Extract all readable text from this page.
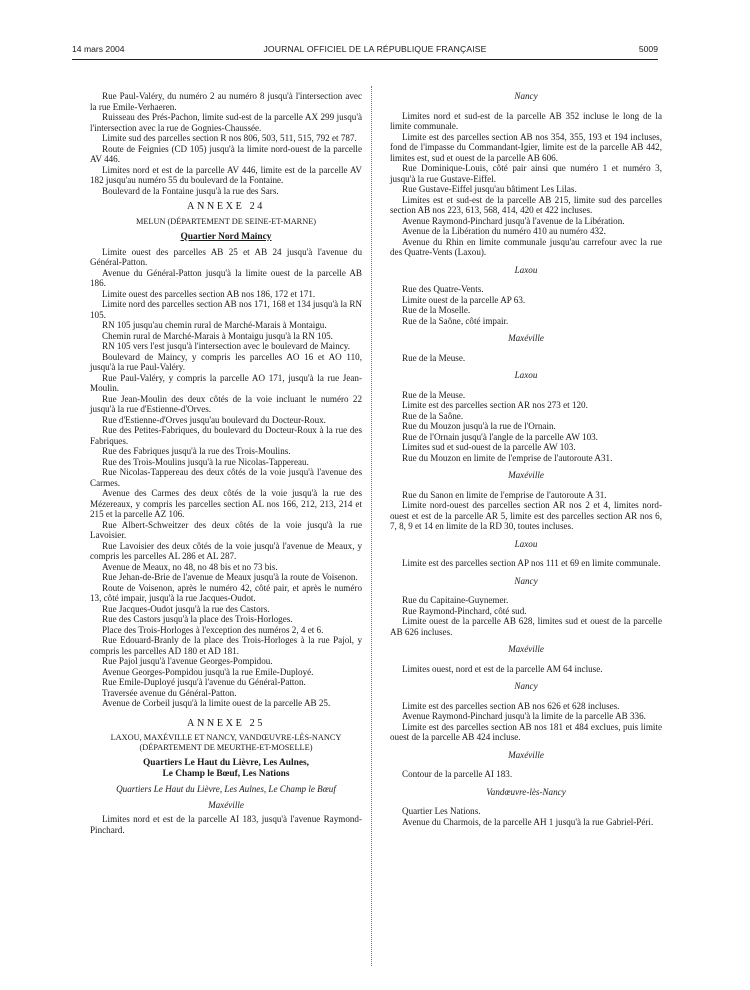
14 mars 2004	JOURNAL OFFICIEL DE LA RÉPUBLIQUE FRANÇAISE	5009

Rue Paul-Valéry, du numéro 2 au numéro 8 jusqu'à l'intersection avec la rue Emile-Verhaeren.

Ruisseau des Prés-Pachon, limite sud-est de la parcelle AX 299 jusqu'à l'intersection avec la rue de Gognies-Chaussée.

Limite sud des parcelles section R nos 806, 503, 511, 515, 792 et 787.

Route de Feignies (CD 105) jusqu'à la limite nord-ouest de la parcelle AV 446.

Limites nord et est de la parcelle AV 446, limite est de la parcelle AV 182 jusqu'au numéro 55 du boulevard de la Fontaine.

Boulevard de la Fontaine jusqu'à la rue des Sars.

ANNEXE 24

MELUN (DÉPARTEMENT DE SEINE-ET-MARNE)

Quartier Nord Maincy

Limite ouest des parcelles AB 25 et AB 24 jusqu'à l'avenue du Général-Patton.

Avenue du Général-Patton jusqu'à la limite ouest de la parcelle AB 186.

Limite ouest des parcelles section AB nos 186, 172 et 171.

Limite nord des parcelles section AB nos 171, 168 et 134 jusqu'à la RN 105.

RN 105 jusqu'au chemin rural de Marché-Marais à Montaigu.

Chemin rural de Marché-Marais à Montaigu jusqu'à la RN 105.

RN 105 vers l'est jusqu'à l'intersection avec le boulevard de Maincy.

Boulevard de Maincy, y compris les parcelles AO 16 et AO 110, jusqu'à la rue Paul-Valéry.

Rue Paul-Valéry, y compris la parcelle AO 171, jusqu'à la rue Jean-Moulin.

Rue Jean-Moulin des deux côtés de la voie incluant le numéro 22 jusqu'à la rue d'Estienne-d'Orves.

Rue d'Estienne-d'Orves jusqu'au boulevard du Docteur-Roux.

Rue des Petites-Fabriques, du boulevard du Docteur-Roux à la rue des Fabriques.

Rue des Fabriques jusqu'à la rue des Trois-Moulins.

Rue des Trois-Moulins jusqu'à la rue Nicolas-Tappereau.

Rue Nicolas-Tappereau des deux côtés de la voie jusqu'à l'avenue des Carmes.

Avenue des Carmes des deux côtés de la voie jusqu'à la rue des Mézereaux, y compris les parcelles section AL nos 166, 212, 213, 214 et 215 et la parcelle AZ 106.

Rue Albert-Schweitzer des deux côtés de la voie jusqu'à la rue Lavoisier.

Rue Lavoisier des deux côtés de la voie jusqu'à l'avenue de Meaux, y compris les parcelles AL 286 et AL 287.

Avenue de Meaux, no 48, no 48 bis et no 73 bis.

Rue Jehan-de-Brie de l'avenue de Meaux jusqu'à la route de Voisenon.

Route de Voisenon, après le numéro 42, côté pair, et après le numéro 13, côté impair, jusqu'à la rue Jacques-Oudot.

Rue Jacques-Oudot jusqu'à la rue des Castors.

Rue des Castors jusqu'à la place des Trois-Horloges.

Place des Trois-Horloges à l'exception des numéros 2, 4 et 6.

Rue Edouard-Branly de la place des Trois-Horloges à la rue Pajol, y compris les parcelles AD 180 et AD 181.

Rue Pajol jusqu'à l'avenue Georges-Pompidou.

Avenue Georges-Pompidou jusqu'à la rue Emile-Duployé.

Rue Emile-Duployé jusqu'à l'avenue du Général-Patton.

Traversée avenue du Général-Patton.

Avenue de Corbeil jusqu'à la limite ouest de la parcelle AB 25.

ANNEXE 25

LAXOU, MAXÉVILLE ET NANCY, VANDŒUVRE-LÈS-NANCY

(DÉPARTEMENT DE MEURTHE-ET-MOSELLE)

Quartiers Le Haut du Lièvre, Les Aulnes,
Le Champ le Bœuf, Les Nations
Quartiers Le Haut du Lièvre, Les Aulnes, Le Champ le Bœuf
Maxéville

Limites nord et est de la parcelle AI 183, jusqu'à l'avenue Raymond-Pinchard.

Nancy

Limites nord et sud-est de la parcelle AB 352 incluse le long de la limite communale.

Limite est des parcelles section AB nos 354, 355, 193 et 194 incluses, fond de l'impasse du Commandant-Igier, limite est de la parcelle AB 442, limites est, sud et ouest de la parcelle AB 606.

Rue Dominique-Louis, côté pair ainsi que numéro 1 et numéro 3, jusqu'à la rue Gustave-Eiffel.

Rue Gustave-Eiffel jusqu'au bâtiment Les Lilas.

Limites est et sud-est de la parcelle AB 215, limite sud des parcelles section AB nos 223, 613, 568, 414, 420 et 422 incluses.

Avenue Raymond-Pinchard jusqu'à l'avenue de la Libération.

Avenue de la Libération du numéro 410 au numéro 432.

Avenue du Rhin en limite communale jusqu'au carrefour avec la rue des Quatre-Vents (Laxou).

Laxou

Rue des Quatre-Vents.

Limite ouest de la parcelle AP 63.

Rue de la Moselle.

Rue de la Saône, côté impair.

Maxéville

Rue de la Meuse.

Laxou

Rue de la Meuse.

Limite est des parcelles section AR nos 273 et 120.

Rue de la Saône.

Rue du Mouzon jusqu'à la rue de l'Ornain.

Rue de l'Ornain jusqu'à l'angle de la parcelle AW 103.

Limites sud et sud-ouest de la parcelle AW 103.

Rue du Mouzon en limite de l'emprise de l'autoroute A31.

Maxéville

Rue du Sanon en limite de l'emprise de l'autoroute A 31.

Limite nord-ouest des parcelles section AR nos 2 et 4, limites nord-ouest et est de la parcelle AR 5, limite est des parcelles section AR nos 6, 7, 8, 9 et 14 en limite de la RD 30, toutes incluses.

Laxou

Limite est des parcelles section AP nos 111 et 69 en limite communale.

Nancy

Rue du Capitaine-Guynemer.

Rue Raymond-Pinchard, côté sud.

Limite ouest de la parcelle AB 628, limites sud et ouest de la parcelle AB 626 incluses.

Maxéville

Limites ouest, nord et est de la parcelle AM 64 incluse.

Nancy

Limite est des parcelles section AB nos 626 et 628 incluses.

Avenue Raymond-Pinchard jusqu'à la limite de la parcelle AB 336.

Limite est des parcelles section AB nos 181 et 484 exclues, puis limite ouest de la parcelle AB 424 incluse.

Maxéville

Contour de la parcelle AI 183.

Vandœuvre-lès-Nancy

Quartier Les Nations.

Avenue du Charmois, de la parcelle AH 1 jusqu'à la rue Gabriel-Péri.
